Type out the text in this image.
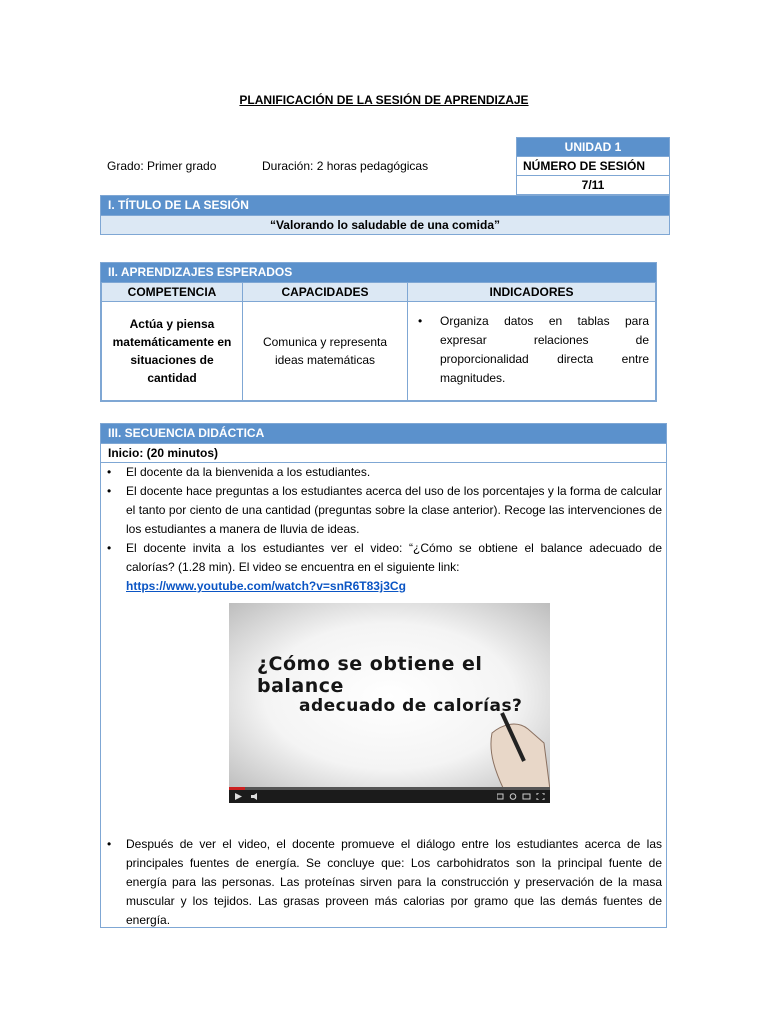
PLANIFICACIÓN DE LA SESIÓN DE APRENDIZAJE
Grado: Primer grado	Duración: 2 horas pedagógicas
UNIDAD 1
NÚMERO DE SESIÓN
7/11
I. TÍTULO DE LA SESIÓN
“Valorando lo saludable de una comida”
II. APRENDIZAJES ESPERADOS
COMPETENCIA	CAPACIDADES	INDICADORES
Actúa y piensa matemáticamente en situaciones de cantidad	Comunica y representa ideas matemáticas	• Organiza datos en tablas para expresar relaciones de proporcionalidad directa entre magnitudes.
III. SECUENCIA DIDÁCTICA
Inicio: (20 minutos)
•	El docente da la bienvenida a los estudiantes.
•	El docente hace preguntas a los estudiantes acerca del uso de los porcentajes y la forma de calcular el tanto por ciento de una cantidad (preguntas sobre la clase anterior). Recoge las intervenciones de los estudiantes a manera de lluvia de ideas.
•	El docente invita a los estudiantes ver el video: “¿Cómo se obtiene el balance adecuado de calorías? (1.28 min). El video se encuentra en el siguiente link:
https://www.youtube.com/watch?v=snR6T83j3Cg
•	Después de ver el video, el docente promueve el diálogo entre los estudiantes acerca de las principales fuentes de energía. Se concluye que: Los carbohidratos son la principal fuente de energía para las personas. Las proteínas sirven para la construcción y preservación de la masa muscular y los tejidos. Las grasas proveen más calorias por gramo que las demás fuentes de energía.
¿Cómo se obtiene el balance
adecuado de calorías?
